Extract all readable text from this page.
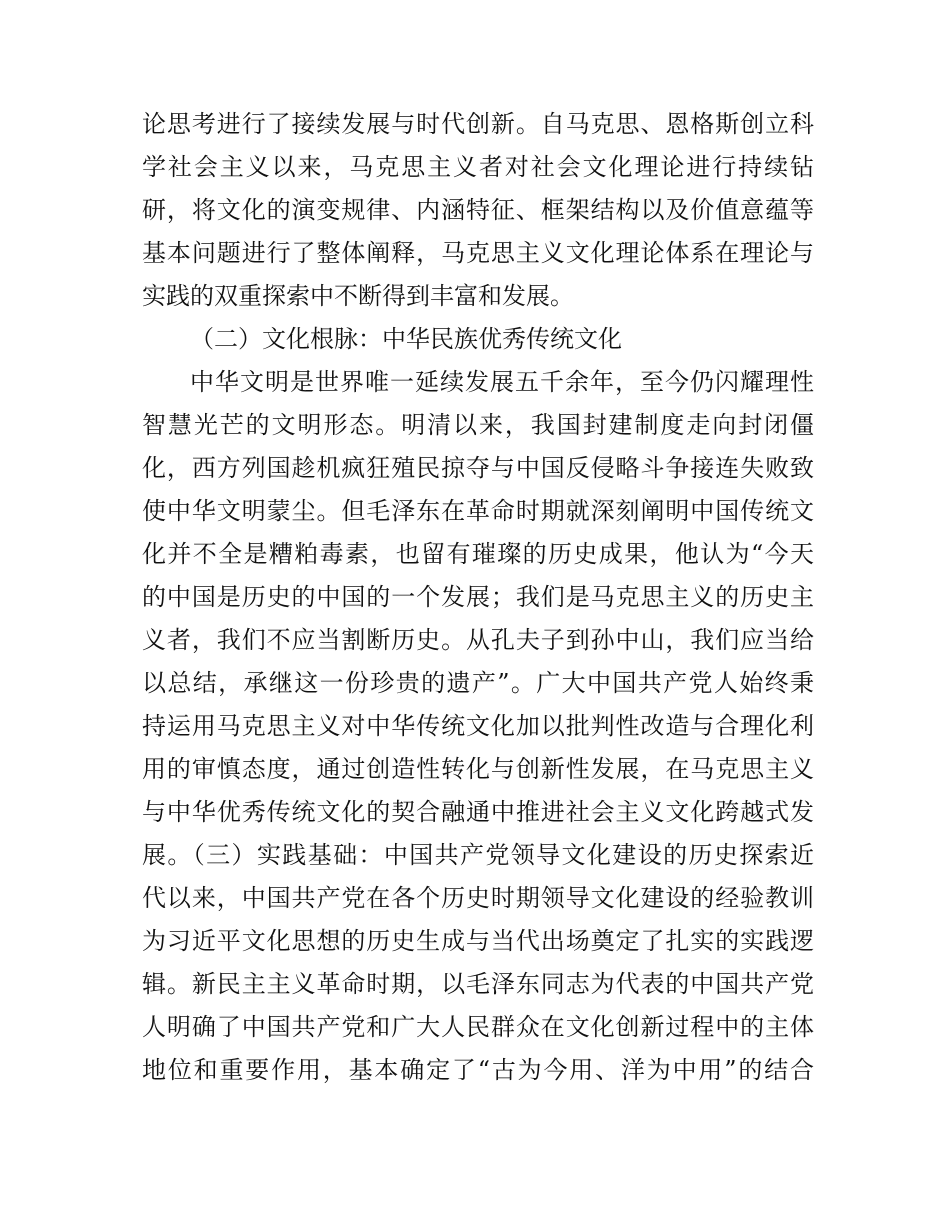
论思考进行了接续发展与时代创新。自马克思、恩格斯创立科
学社会主义以来，马克思主义者对社会文化理论进行持续钻
研，将文化的演变规律、内涵特征、框架结构以及价值意蕴等
基本问题进行了整体阐释，马克思主义文化理论体系在理论与
实践的双重探索中不断得到丰富和发展。
（二）文化根脉：中华民族优秀传统文化
中华文明是世界唯一延续发展五千余年，至今仍闪耀理性
智慧光芒的文明形态。明清以来，我国封建制度走向封闭僵
化，西方列国趁机疯狂殖民掠夺与中国反侵略斗争接连失败致
使中华文明蒙尘。但毛泽东在革命时期就深刻阐明中国传统文
化并不全是糟粕毒素，也留有璀璨的历史成果，他认为“今天
的中国是历史的中国的一个发展；我们是马克思主义的历史主
义者，我们不应当割断历史。从孔夫子到孙中山，我们应当给
以总结，承继这一份珍贵的遗产”。广大中国共产党人始终秉
持运用马克思主义对中华传统文化加以批判性改造与合理化利
用的审慎态度，通过创造性转化与创新性发展，在马克思主义
与中华优秀传统文化的契合融通中推进社会主义文化跨越式发
展。（三）实践基础：中国共产党领导文化建设的历史探索近
代以来，中国共产党在各个历史时期领导文化建设的经验教训
为习近平文化思想的历史生成与当代出场奠定了扎实的实践逻
辑。新民主主义革命时期，以毛泽东同志为代表的中国共产党
人明确了中国共产党和广大人民群众在文化创新过程中的主体
地位和重要作用，基本确定了“古为今用、洋为中用”的结合
